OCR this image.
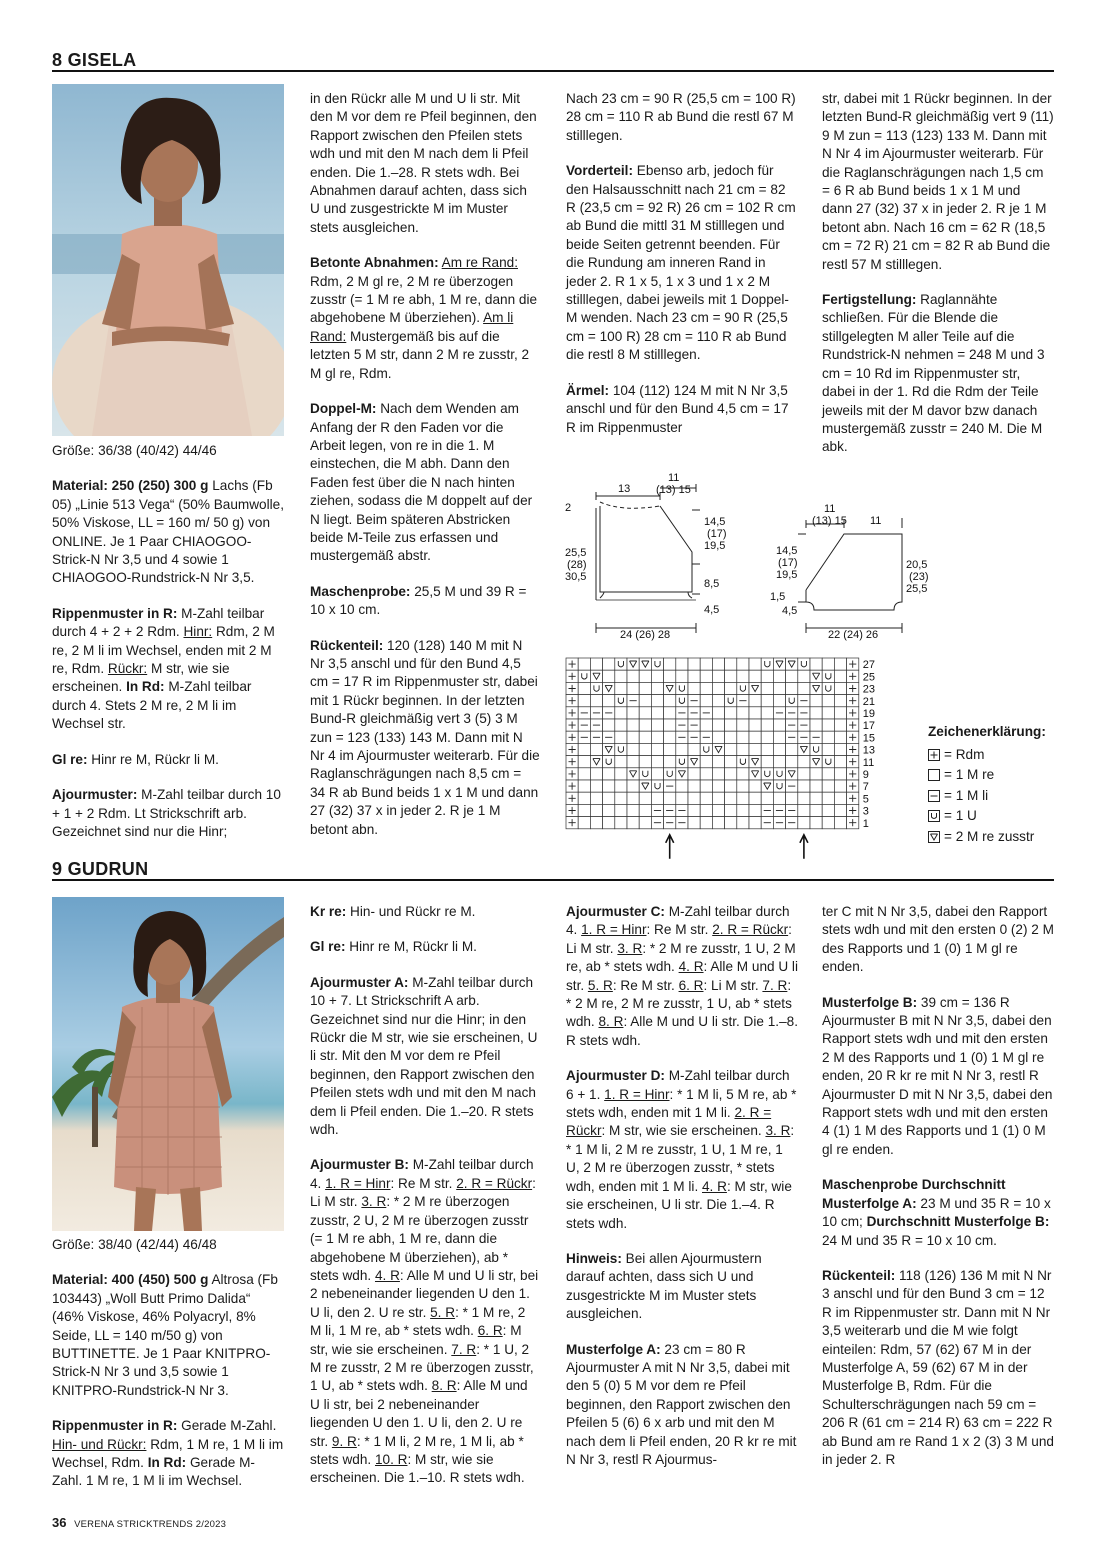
8 GISELA

Größe: 36/38 (40/42) 44/46

Material: 250 (250) 300 g Lachs (Fb 05) „Linie 513 Vega“ (50% Baumwolle, 50% Viskose, LL = 160 m/ 50 g) von ONLINE. Je 1 Paar CHIAOGOO-Strick-N Nr 3,5 und 4 sowie 1 CHIAOGOO-Rundstrick-N Nr 3,5.

Rippenmuster in R: M-Zahl teilbar durch 4 + 2 + 2 Rdm. Hinr: Rdm, 2 M re, 2 M li im Wechsel, enden mit 2 M re, Rdm. Rückr: M str, wie sie erscheinen. In Rd: M-Zahl teilbar durch 4. Stets 2 M re, 2 M li im Wechsel str.

Gl re: Hinr re M, Rückr li M.

Ajourmuster: M-Zahl teilbar durch 10 + 1 + 2 Rdm. Lt Strickschrift arb. Gezeichnet sind nur die Hinr;

in den Rückr alle M und U li str. Mit den M vor dem re Pfeil beginnen, den Rapport zwischen den Pfeilen stets wdh und mit den M nach dem li Pfeil enden. Die 1.–28. R stets wdh. Bei Abnahmen darauf achten, dass sich U und zusgestrickte M im Muster stets ausgleichen.

Betonte Abnahmen: Am re Rand: Rdm, 2 M gl re, 2 M re überzogen zusstr (= 1 M re abh, 1 M re, dann die abgehobene M überziehen). Am li Rand: Mustergemäß bis auf die letzten 5 M str, dann 2 M re zusstr, 2 M gl re, Rdm.

Doppel-M: Nach dem Wenden am Anfang der R den Faden vor die Arbeit legen, von re in die 1. M einstechen, die M abh. Dann den Faden fest über die N nach hinten ziehen, sodass die M doppelt auf der N liegt. Beim späteren Abstricken beide M-Teile zus erfassen und mustergemäß abstr.

Maschenprobe: 25,5 M und 39 R = 10 x 10 cm.

Rückenteil: 120 (128) 140 M mit N Nr 3,5 anschl und für den Bund 4,5 cm = 17 R im Rippenmuster str, dabei mit 1 Rückr beginnen. In der letzten Bund-R gleichmäßig vert 3 (5) 3 M zun = 123 (133) 143 M. Dann mit N Nr 4 im Ajourmuster weiterarb. Für die Raglanschrägungen nach 8,5 cm = 34 R ab Bund beids 1 x 1 M und dann 27 (32) 37 x in jeder 2. R je 1 M betont abn.

Nach 23 cm = 90 R (25,5 cm = 100 R) 28 cm = 110 R ab Bund die restl 67 M stilllegen.

Vorderteil: Ebenso arb, jedoch für den Halsausschnitt nach 21 cm = 82 R (23,5 cm = 92 R) 26 cm = 102 R cm ab Bund die mittl 31 M stilllegen und beide Seiten getrennt beenden. Für die Rundung am inneren Rand in jeder 2. R 1 x 5, 1 x 3 und 1 x 2 M stilllegen, dabei jeweils mit 1 Doppel-M wenden. Nach 23 cm = 90 R (25,5 cm = 100 R) 28 cm = 110 R ab Bund die restl 8 M stilllegen.

Ärmel: 104 (112) 124 M mit N Nr 3,5 anschl und für den Bund 4,5 cm = 17 R im Rippenmuster

str, dabei mit 1 Rückr beginnen. In der letzten Bund-R gleichmäßig vert 9 (11) 9 M zun = 113 (123) 133 M. Dann mit N Nr 4 im Ajourmuster weiterarb. Für die Raglanschrägungen nach 1,5 cm = 6 R ab Bund beids 1 x 1 M und dann 27 (32) 37 x in jeder 2. R je 1 M betont abn. Nach 16 cm = 62 R (18,5 cm = 72 R) 21 cm = 82 R ab Bund die restl 57 M stilllegen.

Fertigstellung: Raglannähte schließen. Für die Blende die stillgelegten M aller Teile auf die Rundstrick-N nehmen = 248 M und 3 cm = 10 Rd im Rippenmuster str, dabei in der 1. Rd die Rdm der Teile jeweils mit der M davor bzw danach mustergemäß zusstr = 240 M. Die M abk.

13
11
(13) 15
2
25,5
(28)
30,5
14,5
(17)
19,5
8,5
4,5
24 (26) 28
11
(13) 15 11
14,5
(17)
19,5
1,5
4,5
20,5
(23)
25,5
22 (24) 26
27
25
23
21
19
17
15
13
11
9
7
5
3
1
Zeichenerklärung:
= Rdm
= 1 M re
= 1 M li
= 1 U
= 2 M re zusstr
9 GUDRUN

Größe: 38/40 (42/44) 46/48

Material: 400 (450) 500 g Altrosa (Fb 103443) „Woll Butt Primo Dalida“ (46% Viskose, 46% Polyacryl, 8% Seide, LL = 140 m/50 g) von BUTTINETTE. Je 1 Paar KNITPRO-Strick-N Nr 3 und 3,5 sowie 1 KNITPRO-Rundstrick-N Nr 3.

Rippenmuster in R: Gerade M-Zahl. Hin- und Rückr: Rdm, 1 M re, 1 M li im Wechsel, Rdm. In Rd: Gerade M-Zahl. 1 M re, 1 M li im Wechsel.

Kr re: Hin- und Rückr re M.

Gl re: Hinr re M, Rückr li M.

Ajourmuster A: M-Zahl teilbar durch 10 + 7. Lt Strickschrift A arb. Gezeichnet sind nur die Hinr; in den Rückr die M str, wie sie erscheinen, U li str. Mit den M vor dem re Pfeil beginnen, den Rapport zwischen den Pfeilen stets wdh und mit den M nach dem li Pfeil enden. Die 1.–20. R stets wdh.

Ajourmuster B: M-Zahl teilbar durch 4. 1. R = Hinr: Re M str. 2. R = Rückr: Li M str. 3. R: * 2 M re überzogen zusstr, 2 U, 2 M re überzogen zusstr (= 1 M re abh, 1 M re, dann die abgehobene M überziehen), ab * stets wdh. 4. R: Alle M und U li str, bei 2 nebeneinander liegenden U den 1. U li, den 2. U re str. 5. R: * 1 M re, 2 M li, 1 M re, ab * stets wdh. 6. R: M str, wie sie erscheinen. 7. R: * 1 U, 2 M re zusstr, 2 M re überzogen zusstr, 1 U, ab * stets wdh. 8. R: Alle M und U li str, bei 2 nebeneinander liegenden U den 1. U li, den 2. U re str. 9. R: * 1 M li, 2 M re, 1 M li, ab * stets wdh. 10. R: M str, wie sie erscheinen. Die 1.–10. R stets wdh.

Ajourmuster C: M-Zahl teilbar durch 4. 1. R = Hinr: Re M str. 2. R = Rückr: Li M str. 3. R: * 2 M re zusstr, 1 U, 2 M re, ab * stets wdh. 4. R: Alle M und U li str. 5. R: Re M str. 6. R: Li M str. 7. R: * 2 M re, 2 M re zusstr, 1 U, ab * stets wdh. 8. R: Alle M und U li str. Die 1.–8. R stets wdh.

Ajourmuster D: M-Zahl teilbar durch 6 + 1. 1. R = Hinr: * 1 M li, 5 M re, ab * stets wdh, enden mit 1 M li. 2. R = Rückr: M str, wie sie erscheinen. 3. R: * 1 M li, 2 M re zusstr, 1 U, 1 M re, 1 U, 2 M re überzogen zusstr, * stets wdh, enden mit 1 M li. 4. R: M str, wie sie erscheinen, U li str. Die 1.–4. R stets wdh.

Hinweis: Bei allen Ajourmustern darauf achten, dass sich U und zusgestrickte M im Muster stets ausgleichen.

Musterfolge A: 23 cm = 80 R Ajourmuster A mit N Nr 3,5, dabei mit den 5 (0) 5 M vor dem re Pfeil beginnen, den Rapport zwischen den Pfeilen 5 (6) 6 x arb und mit den M nach dem li Pfeil enden, 20 R kr re mit N Nr 3, restl R Ajourmus-

ter C mit N Nr 3,5, dabei den Rapport stets wdh und mit den ersten 0 (2) 2 M des Rapports und 1 (0) 1 M gl re enden.

Musterfolge B: 39 cm = 136 R Ajourmuster B mit N Nr 3,5, dabei den Rapport stets wdh und mit den ersten 2 M des Rapports und 1 (0) 1 M gl re enden, 20 R kr re mit N Nr 3, restl R Ajourmuster D mit N Nr 3,5, dabei den Rapport stets wdh und mit den ersten 4 (1) 1 M des Rapports und 1 (1) 0 M gl re enden.

Maschenprobe Durchschnitt Musterfolge A: 23 M und 35 R = 10 x 10 cm; Durchschnitt Musterfolge B: 24 M und 35 R = 10 x 10 cm.

Rückenteil: 118 (126) 136 M mit N Nr 3 anschl und für den Bund 3 cm = 12 R im Rippenmuster str. Dann mit N Nr 3,5 weiterarb und die M wie folgt einteilen: Rdm, 57 (62) 67 M in der Musterfolge A, 59 (62) 67 M in der Musterfolge B, Rdm. Für die Schulterschrägungen nach 59 cm = 206 R (61 cm = 214 R) 63 cm = 222 R ab Bund am re Rand 1 x 2 (3) 3 M und in jeder 2. R

36 VERENA STRICKTRENDS 2/2023
